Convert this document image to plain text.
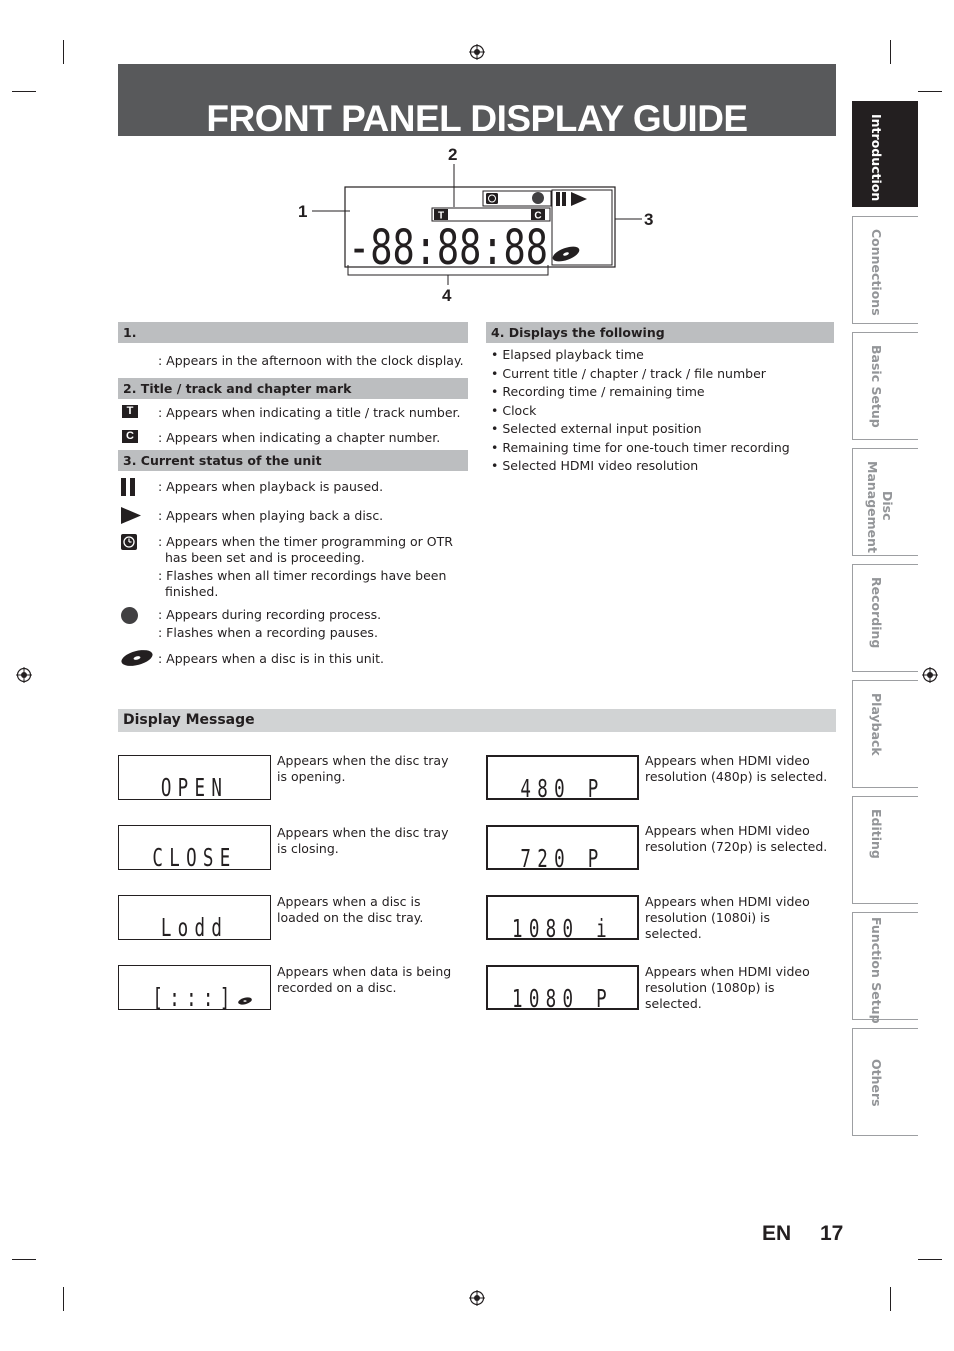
FRONT PANEL DISPLAY GUIDE
T	C
-88:88:88
1
2
3
4
1.
: Appears in the afternoon with the clock display.
2. Title / track and chapter mark
T	: Appears when indicating a title / track number.
C	: Appears when indicating a chapter number.
3. Current status of the unit
: Appears when playback is paused.
: Appears when playing back a disc.
: Appears when the timer programming or OTR
has been set and is proceeding.
: Flashes when all timer recordings have been
finished.
: Appears during recording process.
: Flashes when a recording pauses.
: Appears when a disc is in this unit.
4. Displays the following
• Elapsed playback time
• Current title / chapter / track / file number
• Recording time / remaining time
• Clock
• Selected external input position
• Remaining time for one-touch timer recording
• Selected HDMI video resolution
Display Message
OPEN
Appears when the disc tray is opening.
CLOSE
Appears when the disc tray is closing.
Lodd
Appears when a disc is loaded on the disc tray.
[:::]
Appears when data is being recorded on a disc.
480 P
Appears when HDMI video resolution (480p) is selected.
720 P
Appears when HDMI video resolution (720p) is selected.
1080 i
Appears when HDMI video resolution (1080i) is selected.
1080 P
Appears when HDMI video resolution (1080p) is selected.
Introduction
Connections
Basic Setup
Disc Management
Recording
Playback
Editing
Function Setup
Others
EN 17
